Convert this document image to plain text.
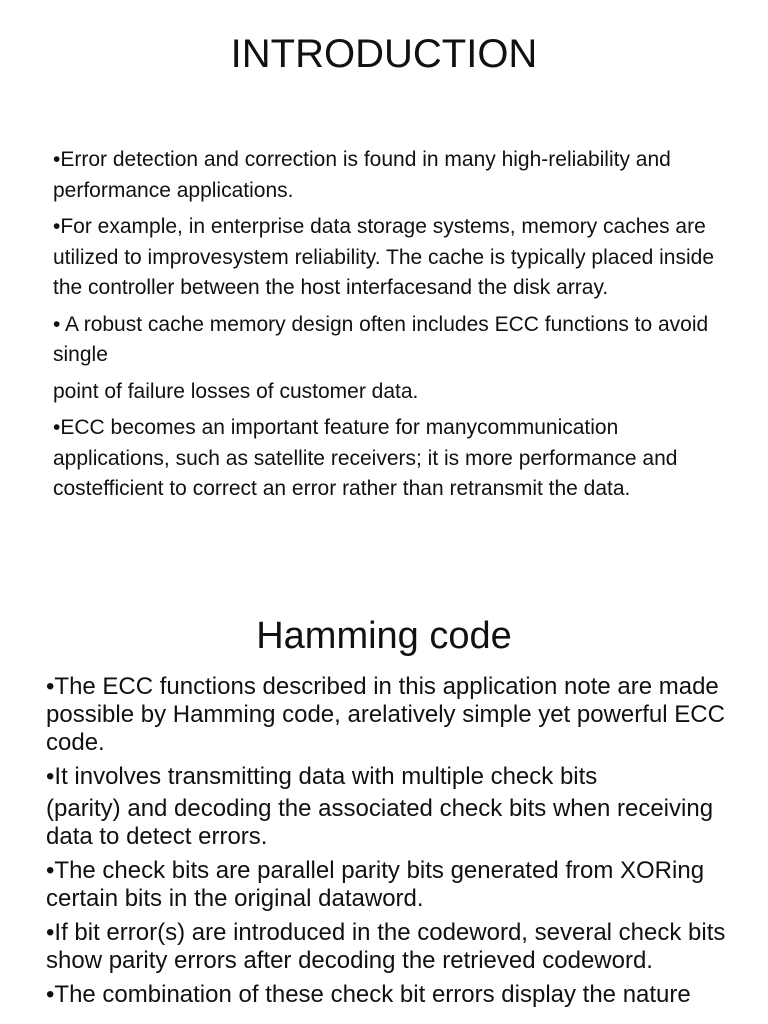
INTRODUCTION

•Error detection and correction is found in many high-reliability and performance applications.

•For example, in enterprise data storage systems, memory caches are utilized to improvesystem reliability. The cache is typically placed inside the controller between the host interfacesand the disk array.

• A robust cache memory design often includes ECC functions to avoid single

point of failure losses of customer data.

•ECC becomes an important feature for manycommunication applications, such as satellite receivers; it is more performance and costefficient to correct an error rather than retransmit the data.

Hamming code

•The ECC functions described in this application note are made possible by Hamming code, arelatively simple yet powerful ECC code.

•It involves transmitting data with multiple check bits

(parity) and decoding the associated check bits when receiving data to detect errors.

•The check bits are parallel parity bits generated from XORing certain bits in the original dataword.

•If bit error(s) are introduced in the codeword, several check bits show parity errors after decoding the retrieved codeword.

•The combination of these check bit errors display the nature
